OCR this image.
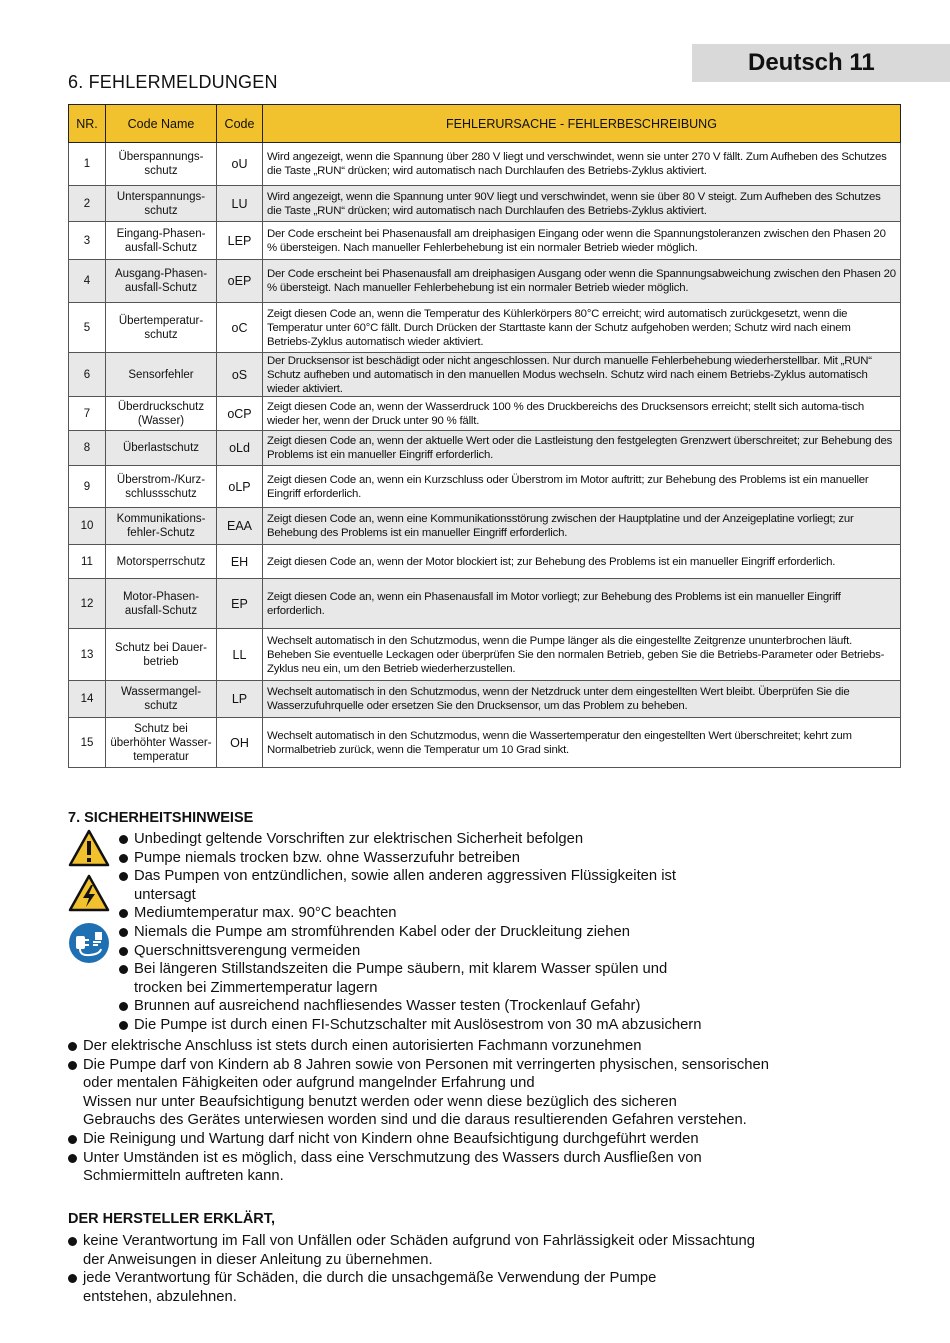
Deutsch 11
6. FEHLERMELDUNGEN
NR.	Code Name	Code	FEHLERURSACHE - FEHLERBESCHREIBUNG
1	Überspannungs-
schutz	oU	Wird angezeigt, wenn die Spannung über 280 V liegt und verschwindet, wenn sie unter 270 V fällt. Zum Aufheben des Schutzes die Taste „RUN“ drücken; wird automatisch nach Durchlaufen des Betriebs-Zyklus aktiviert.
2	Unterspannungs-
schutz	LU	Wird angezeigt, wenn die Spannung unter 90V liegt und verschwindet, wenn sie über 80 V steigt. Zum Aufheben des Schutzes die Taste „RUN“ drücken; wird automatisch nach Durchlaufen des Betriebs-Zyklus aktiviert.
3	Eingang-Phasen-
ausfall-Schutz	LEP	Der Code erscheint bei Phasenausfall am dreiphasigen Eingang oder wenn die Spannungstoleranzen zwischen den Phasen 20 % übersteigen. Nach manueller Fehlerbehebung ist ein normaler Betrieb wieder möglich.
4	Ausgang-Phasen-
ausfall-Schutz	oEP	Der Code erscheint bei Phasenausfall am dreiphasigen Ausgang oder wenn die Spannungsabweichung zwischen den Phasen 20 % übersteigt. Nach manueller Fehlerbehebung ist ein normaler Betrieb wieder möglich.
5	Übertemperatur-
schutz	oC	Zeigt diesen Code an, wenn die Temperatur des Kühlerkörpers 80°C erreicht; wird automatisch zurückgesetzt, wenn die Temperatur unter 60°C fällt. Durch Drücken der Starttaste kann der Schutz aufgehoben werden; Schutz wird nach einem Betriebs-Zyklus automatisch wieder aktiviert.
6	Sensorfehler	oS	Der Drucksensor ist beschädigt oder nicht angeschlossen. Nur durch manuelle Fehlerbehebung wiederherstellbar. Mit „RUN“ Schutz aufheben und automatisch in den manuellen Modus wechseln. Schutz wird nach einem Betriebs-Zyklus automatisch wieder aktiviert.
7	Überdruckschutz
(Wasser)	oCP	Zeigt diesen Code an, wenn der Wasserdruck 100 % des Druckbereichs des Drucksensors erreicht; stellt sich automa-tisch wieder her, wenn der Druck unter 90 % fällt.
8	Überlastschutz	oLd	Zeigt diesen Code an, wenn der aktuelle Wert oder die Lastleistung den festgelegten Grenzwert überschreitet; zur Behebung des Problems ist ein manueller Eingriff erforderlich.
9	Überstrom-/Kurz-
schlussschutz	oLP	Zeigt diesen Code an, wenn ein Kurzschluss oder Überstrom im Motor auftritt; zur Behebung des Problems ist ein manueller Eingriff erforderlich.
10	Kommunikations-
fehler-Schutz	EAA	Zeigt diesen Code an, wenn eine Kommunikationsstörung zwischen der Hauptplatine und der Anzeigeplatine vorliegt; zur Behebung des Problems ist ein manueller Eingriff erforderlich.
11	Motorsperrschutz	EH	Zeigt diesen Code an, wenn der Motor blockiert ist; zur Behebung des Problems ist ein manueller Eingriff erforderlich.
12	Motor-Phasen-
ausfall-Schutz	EP	Zeigt diesen Code an, wenn ein Phasenausfall im Motor vorliegt; zur Behebung des Problems ist ein manueller Eingriff erforderlich.
13	Schutz bei Dauer-
betrieb	LL	Wechselt automatisch in den Schutzmodus, wenn die Pumpe länger als die eingestellte Zeitgrenze ununterbrochen läuft. Beheben Sie eventuelle Leckagen oder überprüfen Sie den normalen Betrieb, geben Sie die Betriebs-Parameter oder Betriebs-Zyklus neu ein, um den Betrieb wiederherzustellen.
14	Wassermangel-
schutz	LP	Wechselt automatisch in den Schutzmodus, wenn der Netzdruck unter dem eingestellten Wert bleibt. Überprüfen Sie die Wasserzufuhrquelle oder ersetzen Sie den Drucksensor, um das Problem zu beheben.
15	Schutz bei
überhöhter Wasser-
temperatur	OH	Wechselt automatisch in den Schutzmodus, wenn die Wassertemperatur den eingestellten Wert überschreitet; kehrt zum Normalbetrieb zurück, wenn die Temperatur um 10 Grad sinkt.
7. SICHERHEITSHINWEISE
Unbedingt geltende Vorschriften zur elektrischen Sicherheit befolgen
Pumpe niemals trocken bzw. ohne Wasserzufuhr betreiben
Das Pumpen von entzündlichen, sowie allen anderen aggressiven Flüssigkeiten ist
untersagt
Mediumtemperatur max. 90°C beachten
Niemals die Pumpe am stromführenden Kabel oder der Druckleitung ziehen
Querschnittsverengung vermeiden
Bei längeren Stillstandszeiten die Pumpe säubern, mit klarem Wasser spülen und
trocken bei Zimmertemperatur lagern
Brunnen auf ausreichend nachfliesendes Wasser testen (Trockenlauf Gefahr)
Die Pumpe ist durch einen FI-Schutzschalter mit Auslösestrom von 30 mA abzusichern
Der elektrische Anschluss ist stets durch einen autorisierten Fachmann vorzunehmen
Die Pumpe darf von Kindern ab 8 Jahren sowie von Personen mit verringerten physischen, sensorischen
oder mentalen Fähigkeiten oder aufgrund mangelnder Erfahrung und
Wissen nur unter Beaufsichtigung benutzt werden oder wenn diese bezüglich des sicheren
Gebrauchs des Gerätes unterwiesen worden sind und die daraus resultierenden Gefahren verstehen.
Die Reinigung und Wartung darf nicht von Kindern ohne Beaufsichtigung durchgeführt werden
Unter Umständen ist es möglich, dass eine Verschmutzung des Wassers durch Ausfließen von
Schmiermitteln auftreten kann.
DER HERSTELLER ERKLÄRT,
keine Verantwortung im Fall von Unfällen oder Schäden aufgrund von Fahrlässigkeit oder Missachtung
der Anweisungen in dieser Anleitung zu übernehmen.
jede Verantwortung für Schäden, die durch die unsachgemäße Verwendung der Pumpe
entstehen, abzulehnen.
